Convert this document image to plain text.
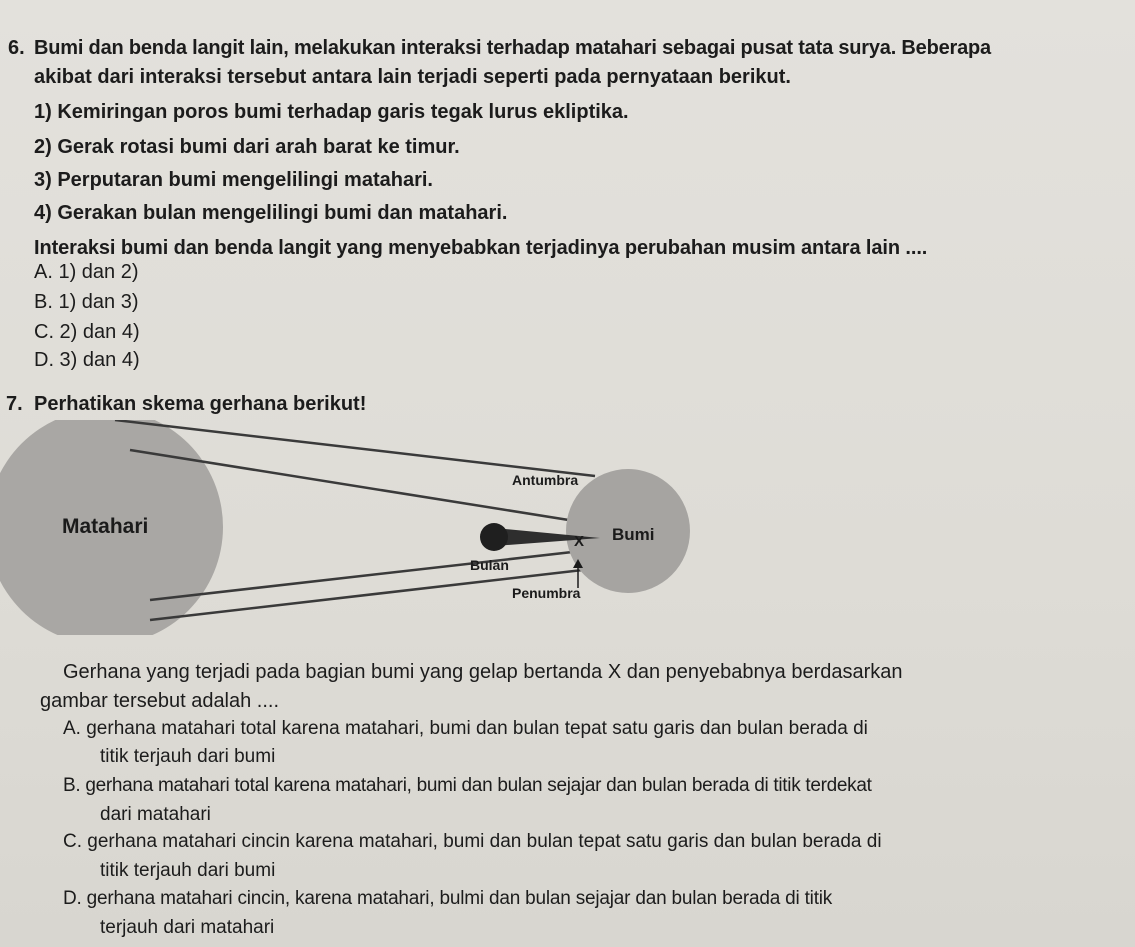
6. Bumi dan benda langit lain, melakukan interaksi terhadap matahari sebagai pusat tata surya. Beberapa
akibat dari interaksi tersebut antara lain terjadi seperti pada pernyataan berikut.
1) Kemiringan poros bumi terhadap garis tegak lurus ekliptika.
2) Gerak rotasi bumi dari arah barat ke timur.
3) Perputaran bumi mengelilingi matahari.
4) Gerakan bulan mengelilingi bumi dan matahari.
Interaksi bumi dan benda langit yang menyebabkan terjadinya perubahan musim antara lain ....
A. 1) dan 2)
B. 1) dan 3)
C. 2) dan 4)
D. 3) dan 4)
7. Perhatikan skema gerhana berikut!
Matahari
Antumbra
Bumi
X
Bulan
Penumbra
Gerhana yang terjadi pada bagian bumi yang gelap bertanda X dan penyebabnya berdasarkan
gambar tersebut adalah ....
A. gerhana matahari total karena matahari, bumi dan bulan tepat satu garis dan bulan berada di
titik terjauh dari bumi
B. gerhana matahari total karena matahari, bumi dan bulan sejajar dan bulan berada di titik terdekat
dari matahari
C. gerhana matahari cincin karena matahari, bumi dan bulan tepat satu garis dan bulan berada di
titik terjauh dari bumi
D. gerhana matahari cincin, karena matahari, bulmi dan bulan sejajar dan bulan berada di titik
terjauh dari matahari
